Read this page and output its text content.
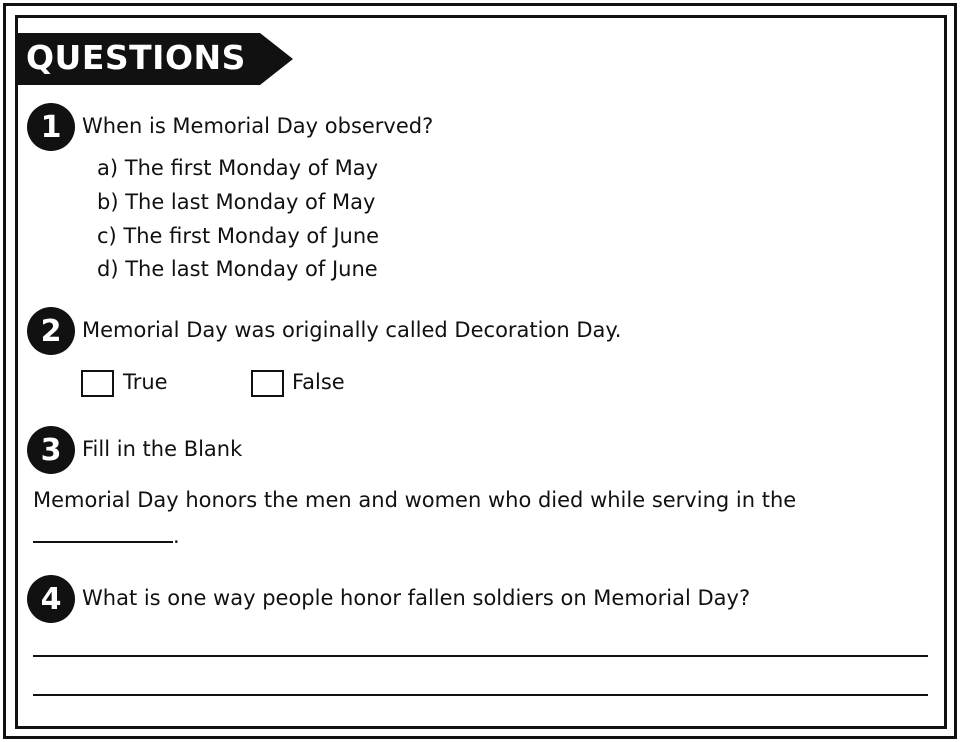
QUESTIONS
1 When is Memorial Day observed?
a) The first Monday of May
b) The last Monday of May
c) The first Monday of June
d) The last Monday of June
2 Memorial Day was originally called Decoration Day.
True	False
3 Fill in the Blank
Memorial Day honors the men and women who died while serving in the
.
4 What is one way people honor fallen soldiers on Memorial Day?
